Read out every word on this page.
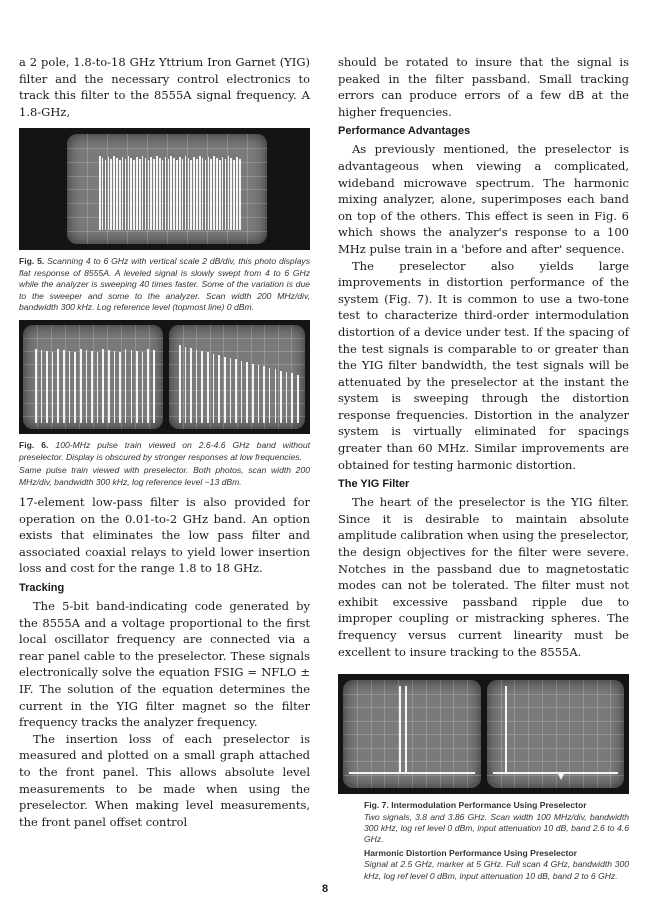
a 2 pole, 1.8-to-18 GHz Yttrium Iron Garnet (YIG) filter and the necessary control electronics to track this filter to the 8555A signal frequency. A 1.8-GHz,

Fig. 5. Scanning 4 to 6 GHz with vertical scale 2 dB/div, this photo displays flat response of 8555A. A leveled signal is slowly swept from 4 to 6 GHz while the analyzer is sweeping 40 times faster. Some of the variation is due to the sweeper and some to the analyzer. Scan width 200 MHz/div, bandwidth 300 kHz. Log reference level (topmost line) 0 dBm.

Fig. 6. 100-MHz pulse train viewed on 2.6-4.6 GHz band without preselector. Display is obscured by stronger responses at low frequencies.

Same pulse train viewed with preselector. Both photos, scan width 200 MHz/div, bandwidth 300 kHz, log reference level −13 dBm.

17-element low-pass filter is also provided for operation on the 0.01-to-2 GHz band. An option exists that eliminates the low pass filter and associated coaxial relays to yield lower insertion loss and cost for the range 1.8 to 18 GHz.

Tracking

The 5-bit band-indicating code generated by the 8555A and a voltage proportional to the first local oscillator frequency are connected via a rear panel cable to the preselector. These signals electronically solve the equation FSIG = NFLO ± IF. The solution of the equation determines the current in the YIG filter magnet so the filter frequency tracks the analyzer frequency.

The insertion loss of each preselector is measured and plotted on a small graph attached to the front panel. This allows absolute level measurements to be made when using the preselector. When making level measurements, the front panel offset control

should be rotated to insure that the signal is peaked in the filter passband. Small tracking errors can produce errors of a few dB at the higher frequencies.

Performance Advantages

As previously mentioned, the preselector is advantageous when viewing a complicated, wideband microwave spectrum. The harmonic mixing analyzer, alone, superimposes each band on top of the others. This effect is seen in Fig. 6 which shows the analyzer's response to a 100 MHz pulse train in a 'before and after' sequence.

The preselector also yields large improvements in distortion performance of the system (Fig. 7). It is common to use a two-tone test to characterize third-order intermodulation distortion of a device under test. If the spacing of the test signals is comparable to or greater than the YIG filter bandwidth, the test signals will be attenuated by the preselector at the instant the system is sweeping through the distortion response frequencies. Distortion in the analyzer system is virtually eliminated for spacings greater than 60 MHz. Similar improvements are obtained for testing harmonic distortion.

The YIG Filter

The heart of the preselector is the YIG filter. Since it is desirable to maintain absolute amplitude calibration when using the preselector, the design objectives for the filter were severe. Notches in the passband due to magnetostatic modes can not be tolerated. The filter must not exhibit excessive passband ripple due to improper coupling or mistracking spheres. The frequency versus current linearity must be excellent to insure tracking to the 8555A.

Fig. 7. Intermodulation Performance Using Preselector

Two signals, 3.8 and 3.86 GHz. Scan width 100 MHz/div, bandwidth 300 kHz, log ref level 0 dBm, input attenuation 10 dB, band 2.6 to 4.6 GHz.

Harmonic Distortion Performance Using Preselector

Signal at 2.5 GHz, marker at 5 GHz. Full scan 4 GHz, bandwidth 300 kHz, log ref level 0 dBm, input attenuation 10 dB, band 2 to 6 GHz.

8
